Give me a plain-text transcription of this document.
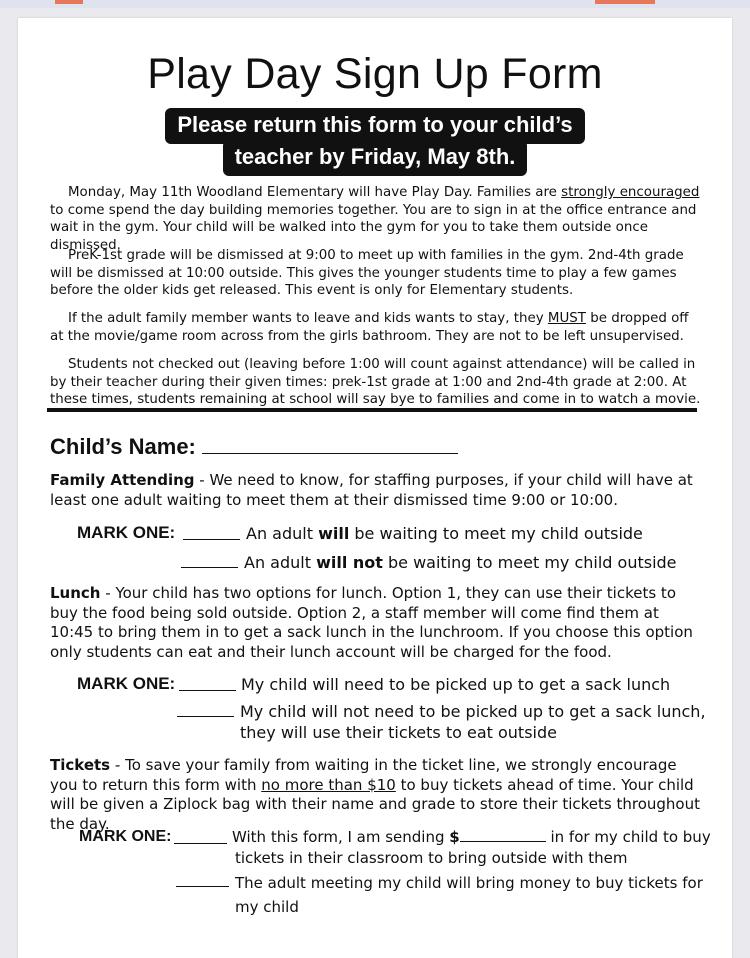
Play Day Sign Up Form
Please return this form to your child’s
teacher by Friday, May 8th.

Monday, May 11th Woodland Elementary will have Play Day. Families are strongly encouraged to come spend the day building memories together. You are to sign in at the office entrance and wait in the gym. Your child will be walked into the gym for you to take them outside once dismissed.

PreK-1st grade will be dismissed at 9:00 to meet up with families in the gym. 2nd-4th grade will be dismissed at 10:00 outside. This gives the younger students time to play a few games before the older kids get released. This event is only for Elementary students.

If the adult family member wants to leave and kids wants to stay, they MUST be dropped off at the movie/game room across from the girls bathroom. They are not to be left unsupervised.

Students not checked out (leaving before 1:00 will count against attendance) will be called in by their teacher during their given times: prek-1st grade at 1:00 and 2nd-4th grade at 2:00. At these times, students remaining at school will say bye to families and come in to watch a movie.

Child’s Name:

Family Attending - We need to know, for staffing purposes, if your child will have at least one adult waiting to meet them at their dismissed time 9:00 or 10:00.

MARK ONE:	An adult will be waiting to meet my child outside
An adult will not be waiting to meet my child outside

Lunch - Your child has two options for lunch. Option 1, they can use their tickets to buy the food being sold outside. Option 2, a staff member will come find them at 10:45 to bring them in to get a sack lunch in the lunchroom. If you choose this option only students can eat and their lunch account will be charged for the food.

MARK ONE:	My child will need to be picked up to get a sack lunch
My child will not need to be picked up to get a sack lunch,
they will use their tickets to eat outside

Tickets - To save your family from waiting in the ticket line, we strongly encourage you to return this form with no more than $10 to buy tickets ahead of time. Your child will be given a Ziplock bag with their name and grade to store their tickets throughout the day.

MARK ONE:	With this form, I am sending $	in for my child to buy
tickets in their classroom to bring outside with them
The adult meeting my child will bring money to buy tickets for
my child
